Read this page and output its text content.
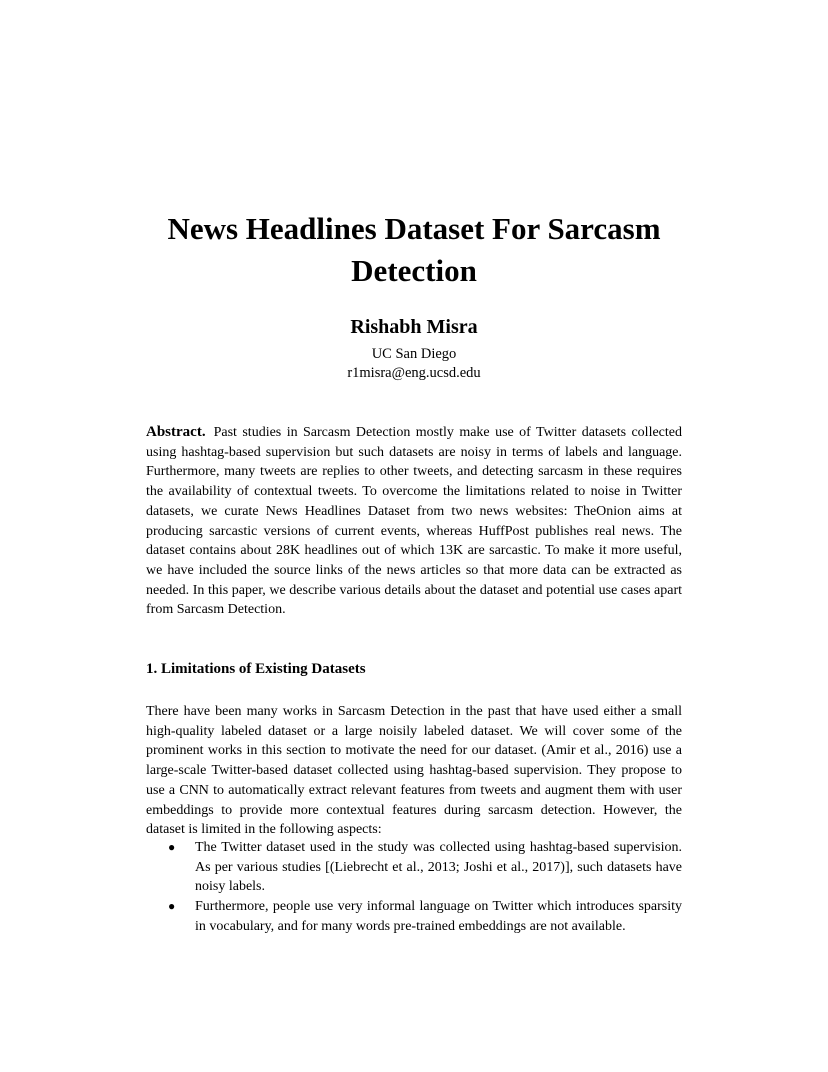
News Headlines Dataset For Sarcasm Detection
Rishabh Misra
UC San Diego
r1misra@eng.ucsd.edu
Abstract. Past studies in Sarcasm Detection mostly make use of Twitter datasets collected using hashtag-based supervision but such datasets are noisy in terms of labels and language. Furthermore, many tweets are replies to other tweets, and detecting sarcasm in these requires the availability of contextual tweets. To overcome the limitations related to noise in Twitter datasets, we curate News Headlines Dataset from two news websites: TheOnion aims at producing sarcastic versions of current events, whereas HuffPost publishes real news. The dataset contains about 28K headlines out of which 13K are sarcastic. To make it more useful, we have included the source links of the news articles so that more data can be extracted as needed. In this paper, we describe various details about the dataset and potential use cases apart from Sarcasm Detection.
1. Limitations of Existing Datasets
There have been many works in Sarcasm Detection in the past that have used either a small high-quality labeled dataset or a large noisily labeled dataset. We will cover some of the prominent works in this section to motivate the need for our dataset. (Amir et al., 2016) use a large-scale Twitter-based dataset collected using hashtag-based supervision. They propose to use a CNN to automatically extract relevant features from tweets and augment them with user embeddings to provide more contextual features during sarcasm detection. However, the dataset is limited in the following aspects:
● The Twitter dataset used in the study was collected using hashtag-based supervision. As per various studies [(Liebrecht et al., 2013; Joshi et al., 2017)], such datasets have noisy labels.
● Furthermore, people use very informal language on Twitter which introduces sparsity in vocabulary, and for many words pre-trained embeddings are not available.
